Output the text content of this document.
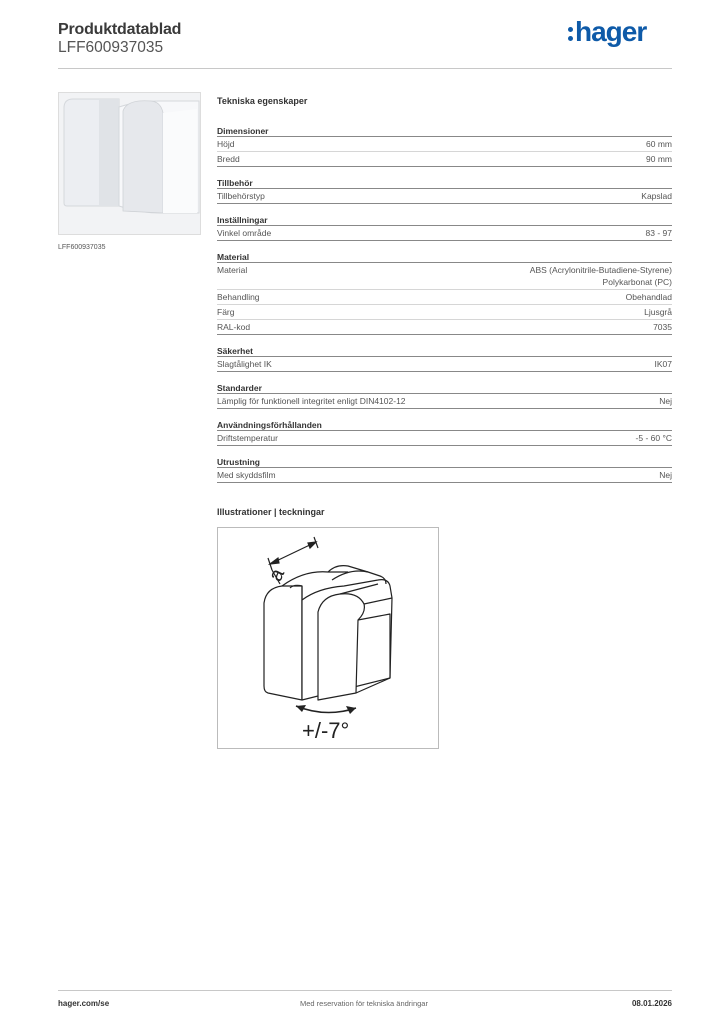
Produktdatablad
LFF600937035
hager
LFF600937035
Tekniska egenskaper
Dimensioner
Höjd	60 mm
Bredd	90 mm
Tillbehör
Tillbehörstyp	Kapslad
Inställningar
Vinkel område	83 - 97
Material
Material	ABS (Acrylonitrile-Butadiene-Styrene)
Polykarbonat (PC)
Behandling	Obehandlad
Färg	Ljusgrå
RAL-kod	7035
Säkerhet
Slagtålighet IK	IK07
Standarder
Lämplig för funktionell integritet enligt DIN4102-12	Nej
Användningsförhållanden
Driftstemperatur	-5 - 60 °C
Utrustning
Med skyddsfilm	Nej
Illustrationer | teckningar
a
+/-7°
hager.com/se	Med reservation för tekniska ändringar	08.01.2026
